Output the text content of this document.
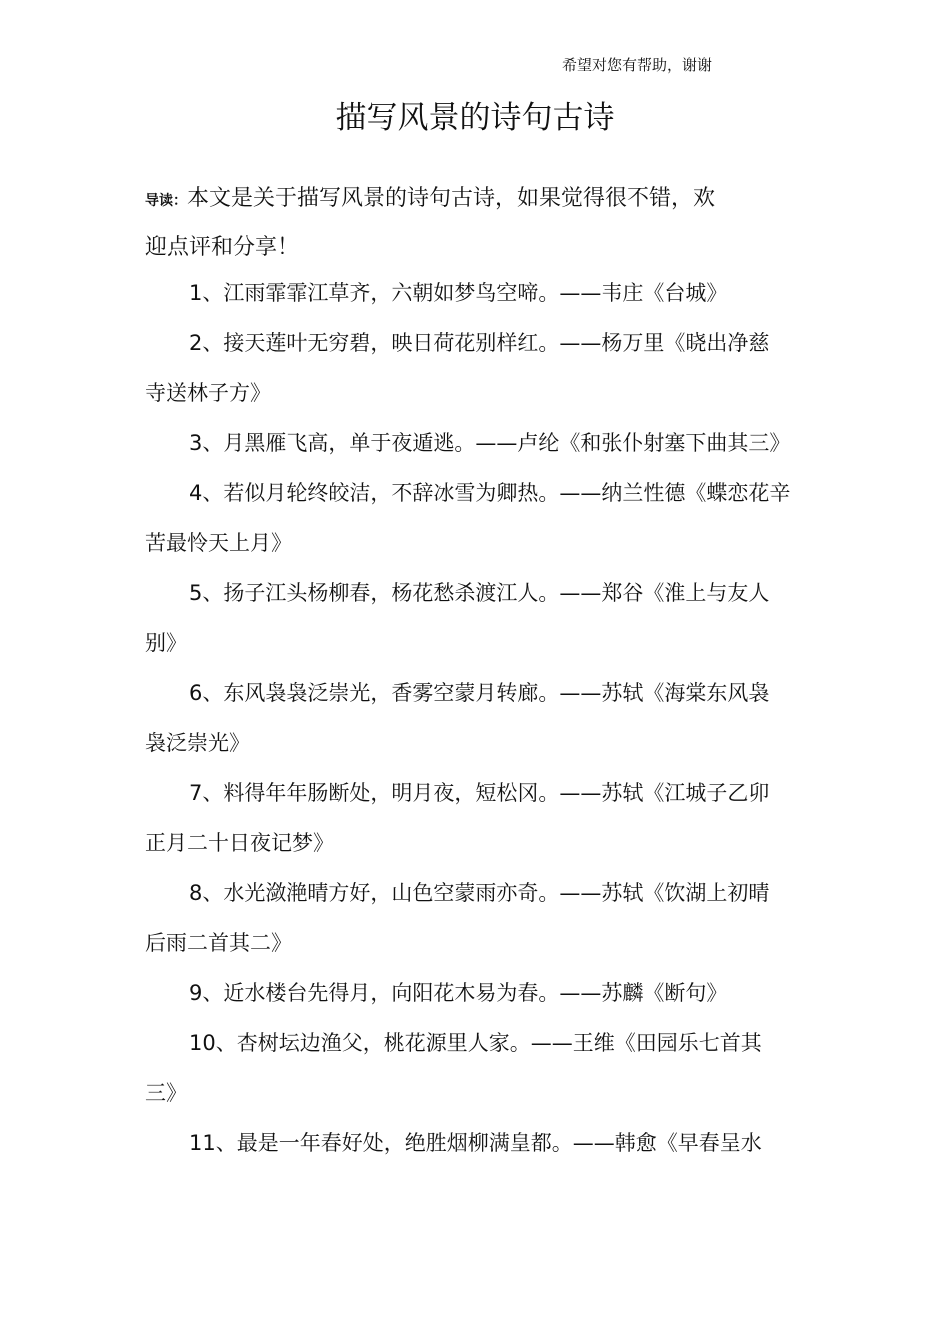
希望对您有帮助，谢谢
描写风景的诗句古诗
导读：本文是关于描写风景的诗句古诗，如果觉得很不错，欢
迎点评和分享！
1、江雨霏霏江草齐，六朝如梦鸟空啼。——韦庄《台城》
2、接天莲叶无穷碧，映日荷花别样红。——杨万里《晓出净慈
寺送林子方》
3、月黑雁飞高，单于夜遁逃。——卢纶《和张仆射塞下曲其三》
4、若似月轮终皎洁，不辞冰雪为卿热。——纳兰性德《蝶恋花辛
苦最怜天上月》
5、扬子江头杨柳春，杨花愁杀渡江人。——郑谷《淮上与友人
别》
6、东风袅袅泛崇光，香雾空蒙月转廊。——苏轼《海棠东风袅
袅泛崇光》
7、料得年年肠断处，明月夜，短松冈。——苏轼《江城子乙卯
正月二十日夜记梦》
8、水光潋滟晴方好，山色空蒙雨亦奇。——苏轼《饮湖上初晴
后雨二首其二》
9、近水楼台先得月，向阳花木易为春。——苏麟《断句》
10、杏树坛边渔父，桃花源里人家。——王维《田园乐七首其
三》
11、最是一年春好处，绝胜烟柳满皇都。——韩愈《早春呈水
